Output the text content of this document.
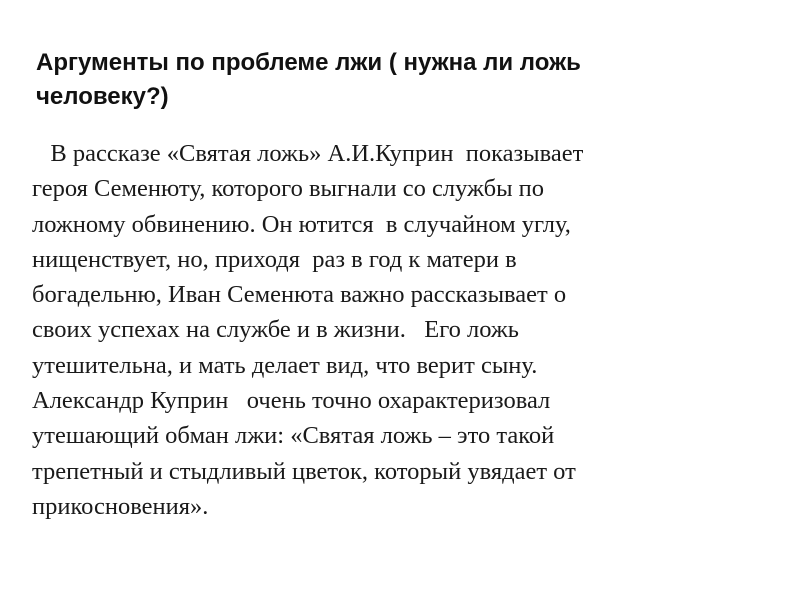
Аргументы по проблеме лжи ( нужна ли ложь
человеку?)

В рассказе «Святая ложь» А.И.Куприн  показывает
героя Семенюту, которого выгнали со службы по
ложному обвинению. Он ютится  в случайном углу,
нищенствует, но, приходя  раз в год к матери в
богадельню, Иван Семенюта важно рассказывает о
своих успехах на службе и в жизни.   Его ложь
утешительна, и мать делает вид, что верит сыну.
Александр Куприн   очень точно охарактеризовал
утешающий обман лжи: «Святая ложь – это такой
трепетный и стыдливый цветок, который увядает от
прикосновения».
